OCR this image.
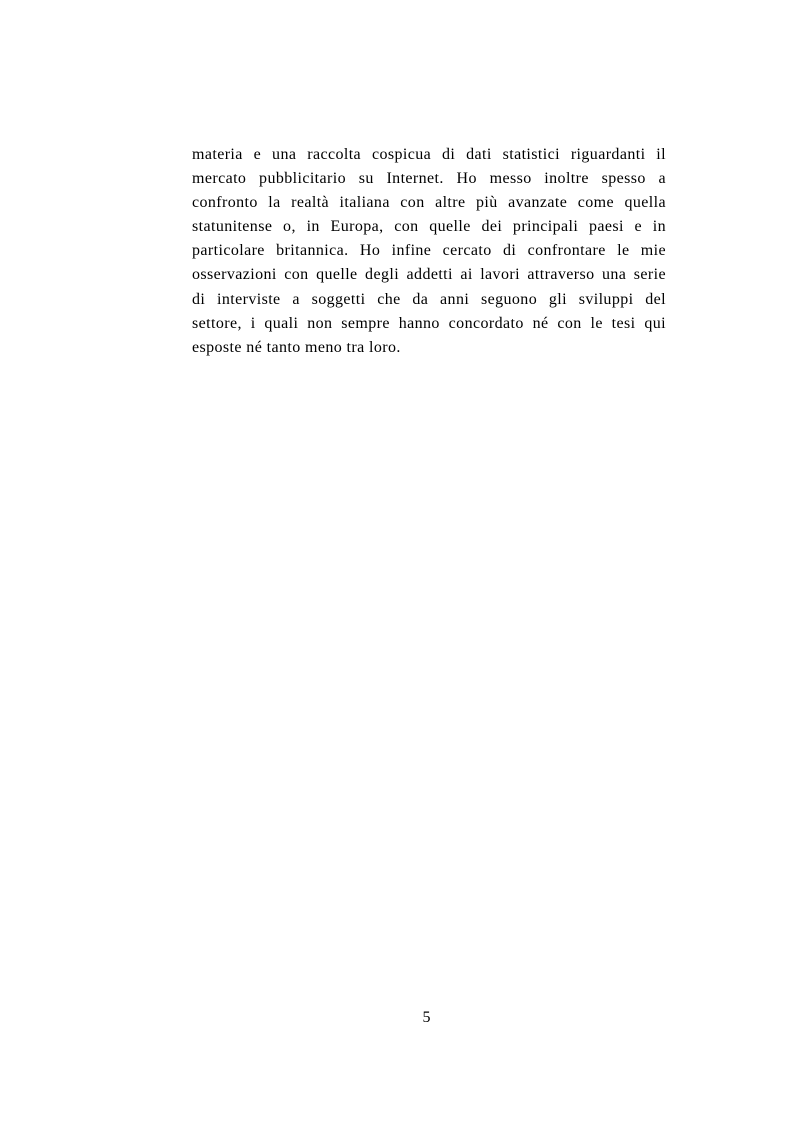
materia e una raccolta cospicua di dati statistici riguardanti il
mercato pubblicitario su Internet. Ho messo inoltre spesso a
confronto la realtà italiana con altre più avanzate come quella
statunitense o, in Europa, con quelle dei principali paesi e in
particolare britannica. Ho infine cercato di confrontare le mie
osservazioni con quelle degli addetti ai lavori attraverso una serie
di interviste a soggetti che da anni seguono gli sviluppi del
settore, i quali non sempre hanno concordato né con le tesi qui
esposte né tanto meno tra loro.
5
